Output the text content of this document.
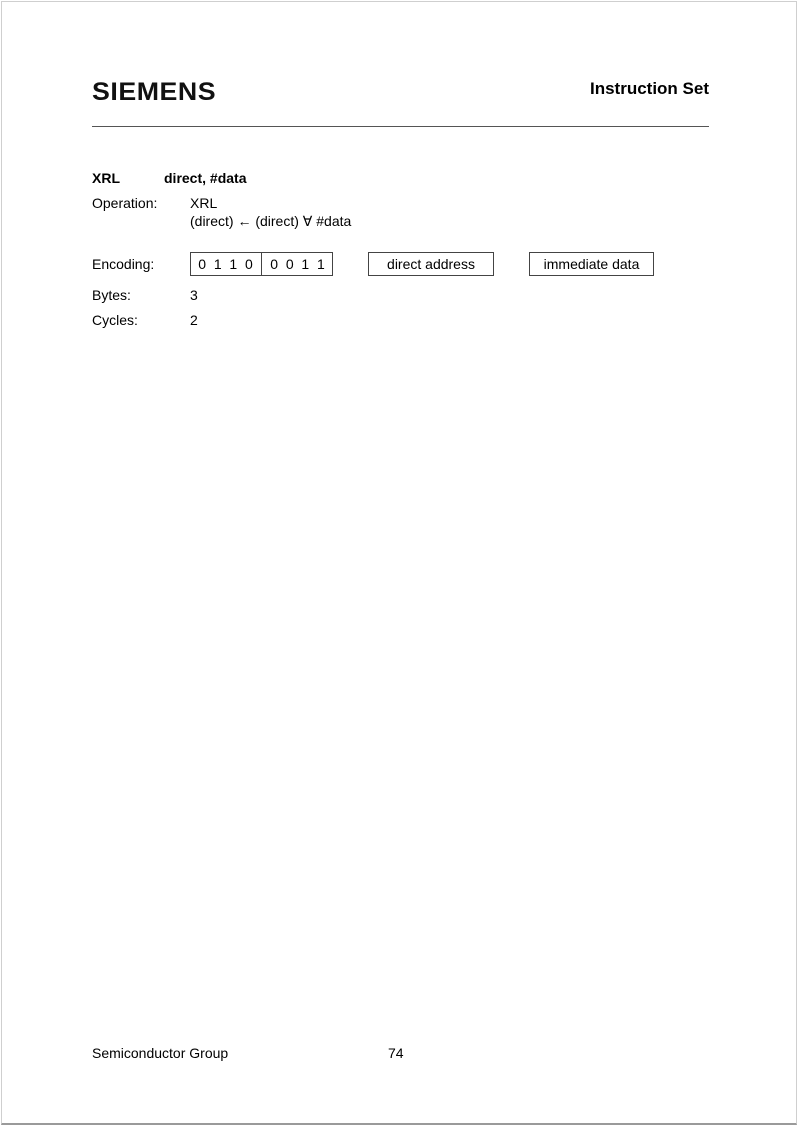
SIEMENS	Instruction Set
XRL	direct, #data
Operation: XRL
(direct) ← (direct) ∀ #data
Encoding:	0  1  1  0	0  0  1  1	direct address	immediate data
Bytes:	3
Cycles:	2
Semiconductor Group	74
